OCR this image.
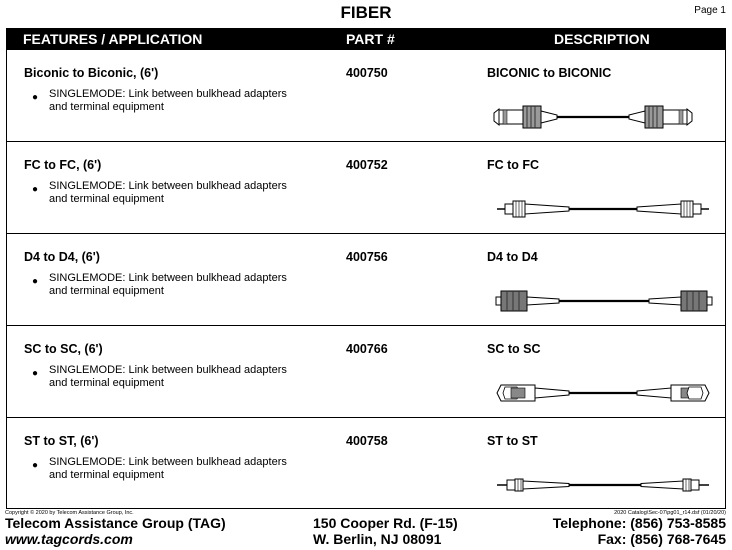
FIBER	Page 1
FEATURES / APPLICATION	PART #	DESCRIPTION
Biconic to Biconic, (6')	400750	BICONIC to BICONIC
● SINGLEMODE: Link between bulkhead adapters
and terminal equipment
FC to FC, (6')	400752	FC to FC
● SINGLEMODE: Link between bulkhead adapters
and terminal equipment
D4 to D4, (6')	400756	D4 to D4
● SINGLEMODE: Link between bulkhead adapters
and terminal equipment
SC to SC, (6')	400766	SC to SC
● SINGLEMODE: Link between bulkhead adapters
and terminal equipment
ST to ST, (6')	400758	ST to ST
● SINGLEMODE: Link between bulkhead adapters
and terminal equipment
Copyright © 2020 by Telecom Assistance Group, Inc.	2020 Catalog\Sec-07\pg01_r14.dsf (01/20/20)
Telecom Assistance Group (TAG)
www.tagcords.com
150 Cooper Rd. (F-15)
W. Berlin, NJ 08091
Telephone: (856) 753-8585
Fax: (856) 768-7645
